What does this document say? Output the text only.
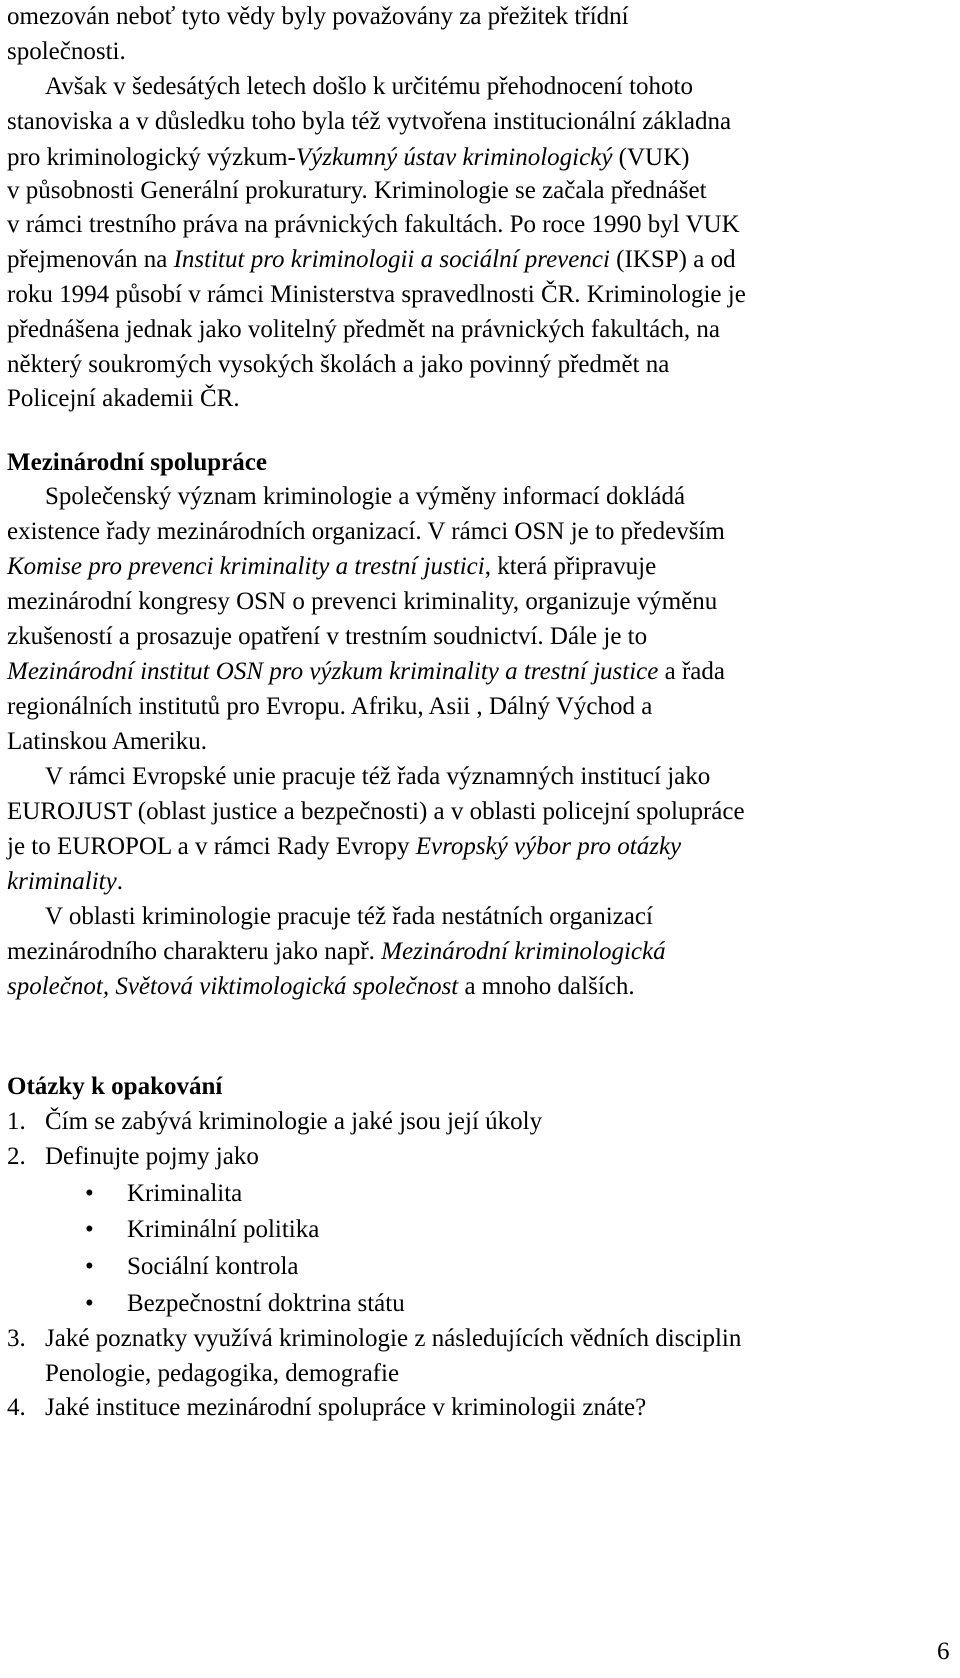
omezován neboť tyto vědy byly považovány za přežitek třídní

společnosti.

Avšak v šedesátých letech došlo k určitému přehodnocení tohoto

stanoviska a v důsledku toho byla též vytvořena institucionální základna

pro kriminologický výzkum-Výzkumný ústav kriminologický (VUK)

v působnosti Generální prokuratury. Kriminologie se začala přednášet

v rámci trestního práva na právnických fakultách. Po roce 1990 byl VUK

přejmenován na Institut pro kriminologii a sociální prevenci (IKSP) a od

roku 1994 působí v rámci Ministerstva spravedlnosti ČR. Kriminologie je

přednášena jednak jako volitelný předmět na právnických fakultách, na

některý soukromých vysokých školách a jako povinný předmět na

Policejní akademii ČR.

Mezinárodní spolupráce

Společenský význam kriminologie a výměny informací dokládá

existence řady mezinárodních organizací. V rámci OSN je to především

Komise pro prevenci kriminality a trestní justici, která připravuje

mezinárodní kongresy OSN o prevenci kriminality, organizuje výměnu

zkušeností a prosazuje opatření v trestním soudnictví. Dále je to

Mezinárodní institut OSN pro výzkum kriminality a trestní justice a řada

regionálních institutů pro Evropu. Afriku, Asii , Dálný Východ a

Latinskou Ameriku.

V rámci Evropské unie pracuje též řada významných institucí jako

EUROJUST (oblast justice a bezpečnosti) a v oblasti policejní spolupráce

je to EUROPOL a v rámci Rady Evropy Evropský výbor pro otázky

kriminality.

V oblasti kriminologie pracuje též řada nestátních organizací

mezinárodního charakteru jako např. Mezinárodní kriminologická

společnot, Světová viktimologická společnost a mnoho dalších.

Otázky k opakování
1. Čím se zabývá kriminologie a jaké jsou její úkoly
2. Definujte pojmy jako
• Kriminalita
• Kriminální politika
• Sociální kontrola
• Bezpečnostní doktrina státu
3. Jaké poznatky využívá kriminologie z následujících vědních disciplin

Penologie, pedagogika, demografie

4. Jaké instituce mezinárodní spolupráce v kriminologii znáte?
6
